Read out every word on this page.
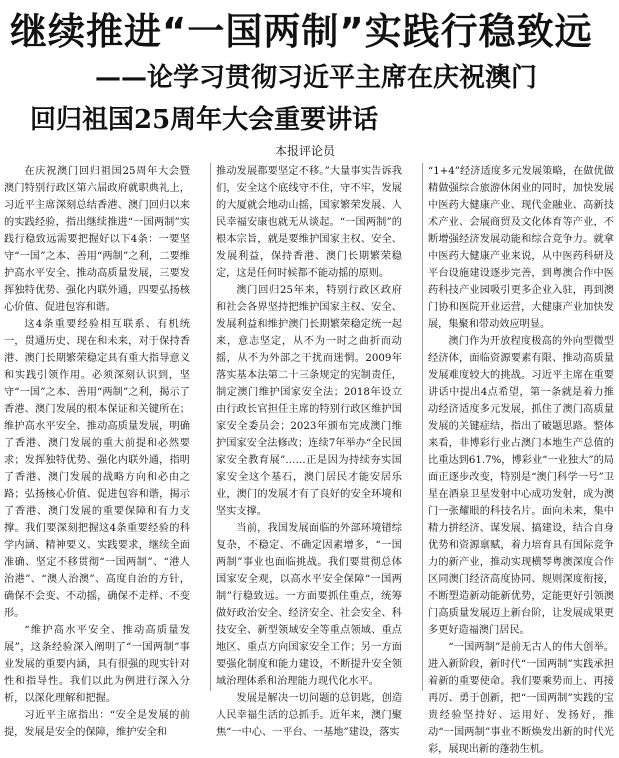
继续推进“一国两制”实践行稳致远
——论学习贯彻习近平主席在庆祝澳门
回归祖国25周年大会重要讲话
本报评论员

在庆祝澳门回归祖国25周年大会暨澳门特别行政区第六届政府就职典礼上，习近平主席深刻总结香港、澳门回归以来的实践经验，指出继续推进“一国两制”实践行稳致远需要把握好以下4条：一要坚守“一国”之本、善用“两制”之利，二要维护高水平安全、推动高质量发展，三要发挥独特优势、强化内联外通，四要弘扬核心价值、促进包容和谐。

这4条重要经验相互联系、有机统一，贯通历史、现在和未来，对于保持香港、澳门长期繁荣稳定具有重大指导意义和实践引领作用。必须深刻认识到，坚守“一国”之本、善用“两制”之利，揭示了香港、澳门发展的根本保证和关键所在；维护高水平安全、推动高质量发展，明确了香港、澳门发展的重大前提和必然要求；发挥独特优势、强化内联外通，指明了香港、澳门发展的战略方向和必由之路；弘扬核心价值、促进包容和谐，揭示了香港、澳门发展的重要保障和有力支撑。我们要深刻把握这4条重要经验的科学内涵、精神要义、实践要求，继续全面准确、坚定不移贯彻“一国两制”、“港人治港”、“澳人治澳”、高度自治的方针，确保不会变、不动摇，确保不走样、不变形。

“维护高水平安全、推动高质量发展”，这条经验深入阐明了“一国两制”事业发展的重要内涵，具有很强的现实针对性和指导性。我们以此为例进行深入分析，以深化理解和把握。

习近平主席指出：“安全是发展的前提，发展是安全的保障，维护安全和

推动发展都要坚定不移。”大量事实告诉我们，安全这个底线守不住，守不牢，发展的大厦就会地动山摇，国家繁荣发展、人民幸福安康也就无从谈起。“一国两制”的根本宗旨，就是要维护国家主权、安全、发展利益，保持香港、澳门长期繁荣稳定，这是任何时候都不能动摇的原则。

澳门回归25年来，特别行政区政府和社会各界坚持把维护国家主权、安全、发展利益和维护澳门长期繁荣稳定统一起来，意志坚定，从不为一时之曲折而动摇，从不为外部之干扰而迷惘。2009年落实基本法第二十三条规定的宪制责任，制定澳门维护国家安全法；2018年设立由行政长官担任主席的特别行政区维护国家安全委员会；2023年颁布完成澳门维护国家安全法修改；连续7年举办“全民国家安全教育展”……正是因为持续夯实国家安全这个基石，澳门居民才能安居乐业，澳门的发展才有了良好的安全环境和坚实支撑。

当前，我国发展面临的外部环境错综复杂，不稳定、不确定因素增多，“一国两制”事业也面临挑战。我们要贯彻总体国家安全观，以高水平安全保障“一国两制”行稳致远。一方面要抓住重点，统筹做好政治安全、经济安全、社会安全、科技安全、新型领域安全等重点领域、重点地区、重点方向国家安全工作；另一方面要强化制度和能力建设，不断提升安全领域治理体系和治理能力现代化水平。

发展是解决一切问题的总钥匙，创造人民幸福生活的总抓手。近年来，澳门聚焦“一中心、一平台、一基地”建设，落实

“1+4”经济适度多元发展策略，在做优做精做强综合旅游休闲业的同时，加快发展中医药大健康产业、现代金融业、高新技术产业、会展商贸及文化体育等产业，不断增强经济发展动能和综合竞争力。就拿中医药大健康产业来说，从中医药科研及平台设施建设逐步完善，到粤澳合作中医药科技产业园吸引更多企业入驻，再到澳门协和医院开业运营，大健康产业加快发展，集聚和带动效应明显。

澳门作为开放程度极高的外向型微型经济体，面临资源要素有限、推动高质量发展难度较大的挑战。习近平主席在重要讲话中提出4点希望，第一条就是着力推动经济适度多元发展，抓住了澳门高质量发展的关键症结，指出了破题思路。整体来看，非博彩行业占澳门本地生产总值的比重达到61.7%，博彩业“一业独大”的局面正逐步改变，特别是“澳门科学一号”卫星在酒泉卫星发射中心成功发射，成为澳门一张耀眼的科技名片。面向未来，集中精力拼经济、谋发展、搞建设，结合自身优势和资源禀赋，着力培育具有国际竞争力的新产业，推动实现横琴粤澳深度合作区同澳门经济高度协同、规则深度衔接，不断塑造新动能新优势，定能更好引领澳门高质量发展迈上新台阶，让发展成果更多更好造福澳门居民。

“一国两制”是前无古人的伟大创举。进入新阶段，新时代“一国两制”实践承担着新的重要使命。我们要乘势而上、再接再厉、勇于创新，把“一国两制”实践的宝贵经验坚持好、运用好、发扬好，推动“一国两制”事业不断焕发出新的时代光彩，展现出新的蓬勃生机。
